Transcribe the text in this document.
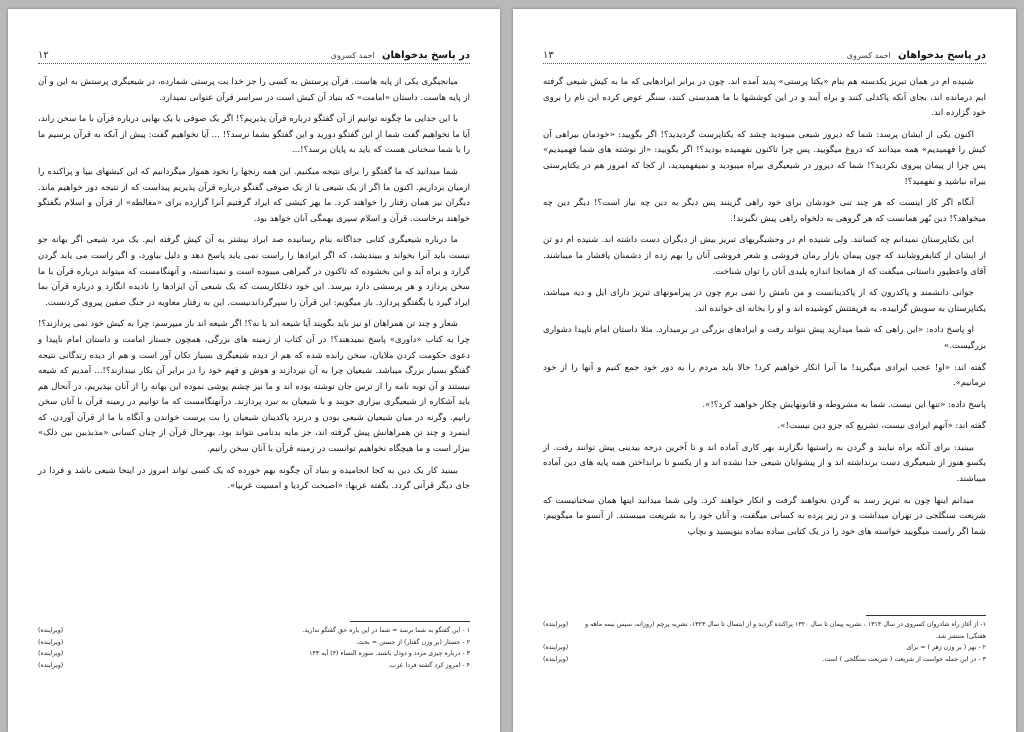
۱۲	در پاسخ بدخواهان احمد کسروی

میانجیگری یکی از پایه هاست. قرآن پرستش به کسی را جز خدا بت پرستی شمارده، در شیعیگری پرستش به این و آن از پایه هاست. داستان «امامت» که بنیاد آن کیش است در سراسر قرآن عنوانی نمیدارد.

با این جدایی ما چگونه توانیم از آن گفتگو درباره قرآن پذیریم؟! اگر یک صوفی با یک بهایی درباره قرآن با ما سخن راند، آیا ما نخواهیم گفت شما از این گفتگو دورید و این گفتگو بشما نرسد؟! ... آیا نخواهیم گفت: پیش از آنکه به قرآن برسیم ما را با شما سخنانی هست که باید به پایان برسد؟!...

شما میدانید که ما گفتگو را برای نتیجه میکنیم. این همه رنجها را بخود هموار میگردانیم که این کیشهای بیپا و پراکنده را ازمیان برداریم. اکنون ما اگر از یک شیعی یا از یک صوفی گفتگو درباره قرآن پذیریم پیداست که از نتیجه دور خواهیم ماند. دیگران نیز همان رفتار را خواهند کرد. ما بهر کیشی که ایراد گرفتیم آنرا گزارده برای «مغالطه» از قرآن و اسلام بگفتگو خواهند برخاست. قرآن و اسلام سپری بهمگی آنان خواهد بود.

ما درباره شیعیگری کتابی جداگانه بنام رسانیده صد ایراد بیشتر به آن کیش گرفته ایم. یک مرد شیعی اگر بهانه جو نیست باید آنرا بخواند و ببیندیشد، که اگر ایرادها را راست نمی یابد پاسخ دهد و دلیل بیاورد، و اگر راست می یابد گردن گزارد و براه آید و این بخشوده که تاکنون در گمراهی میبوده است و نمیدانسته، و آنهنگامست که میتواند درباره قرآن با ما سخن پردازد و هر پرسشی دارد بپرسد. این خود دغلکاریست که یک شیعی آن ایرادها را نادیده انگارد و درباره قرآن بما ایراد گیرد یا بگفتگو پردازد. باز میگویم: این قرآن را سپرگرداندنیست. این به رفتار معاویه در جنگ صفین پیروی کردنست.

شعار و چند تن همراهان او نیز باید بگویند آیا شیعه اند یا نه؟! اگر شیعه اند باز میپرسم: چرا به کیش خود نمی پردازند؟! چرا به کتاب «داوری» پاسخ نمیدهند؟! در آن کتاب از زمینه های بزرگی، همچون جستار امامت و داستان امام ناپیدا و دعوی حکومت کردن ملایان، سخن رانده شده که هم از دیده شیعیگری بسیار تکان آور است و هم از دیده زندگانی نتیجه گفتگو بسیار بزرگ میباشد. شیعیان چرا به آن نپردازند و هوش و فهم خود را در برابر آن بکار نیندازند؟!... آمدیم که شیعه نیستند و آن توبه نامه را از ترس جان نوشته بوده اند و ما نیز چشم پوشی نموده این بهانه را از آنان بپذیریم، در آنحال هم باید آشکاره از شیعیگری بیزاری جویند و با شیعیان به نبرد پردازند. درآنهنگامست که ما توانیم در زمینه قرآن با آنان سخن رانیم. وگرنه در میان شیعیان شیعی بودن و درنزد پاکدینان شیعیان را بت پرست خواندن و آنگاه با ما از قرآن آوردن، که اینمرد و چند تن همراهانش پیش گرفته اند، جز مایه بدنامی نتواند بود. بهرحال قرآن از چنان کسانی «مذبذبین بین ذلک» بیزار است و ما هیچگاه نخواهیم توانست در زمینه قرآن با آنان سخن رانیم.

ببینید کار یک دین به کجا انجامیده و بنیاد آن چگونه بهم خورده که یک کسی تواند امروز در اینجا شیعی باشد و فردا در جای دیگر قرآنی گردد. بگفته عربها: «اصبحت کردیا و امسیت عربیا».

۱ - این گفتگو به شما نرسد = شما در این باره حق گفتگو ندارید.
(ویراینده)
۲ - جستار (بر وزن گفتار) از جستن = بحث.
(ویراینده)
۳ - درباره چیزی مردد و دودل باشند. سوره النساء (۴) آیه ۱۴۳
(ویراینده)
۴ - امروز کرد گشته فردا عرب.
(ویراینده)
۱۳	در پاسخ بدخواهان احمد کسروی

شنیده ام در همان تبریز یکدسته هم بنام «یکتا پرستی» پدید آمده اند. چون در برابر ایرادهایی که ما به کیش شیعی گرفته ایم درمانده اند، بجای آنکه پاکدلی کنند و براه آیند و در این کوششها با ما همدستی کنند، سنگر عوض کرده این نام را بروی خود گزارده اند.

اکنون یکی از ایشان پرسد: شما که دیروز شیعی میبودید چشد که یکتاپرست گردیدید؟! اگر بگویید: «خودمان بیراهی آن کیش را فهمیدیم» همه میدانند که دروغ میگویید. پس چرا تاکنون نفهمیده بودید؟! اگر بگویید: «از نوشته های شما فهمیدیم» پس چرا از پیمان پیروی نکردید؟! شما که دیروز در شیعیگری بیراه میبودید و نمیفهمیدید، از کجا که امروز هم در یکتاپرستی بیراه نباشید و نفهمید؟!

آنگاه اگر کار اینست که هر چند تنی خودشان برای خود راهی گزینند پس دیگر به دین چه نیاز است؟! دیگر دین چه میخواهد؟! دین بُهر همانست که هر گروهی به دلخواه راهی پیش نگیرند!.

این یکتاپرستان نمیدانم چه کسانند. ولی شنیده ام در وحشیگریهای تبریز بیش از دیگران دست داشته اند. شنیده ام دو تن از ایشان از کتابفروشانند که چون پیمان بازار رمان فروشی و شعر فروشی آنان را بهم زده از دشمنان پافشار ما میباشند. آقای واعظپور داستانی میگفت که از همانجا اندازه پلیدی آنان را توان شناخت.

جوانی دانشمند و پاکدرون که از پاکدینانست و من نامش را نمی برم چون در پیرامونهای تبریز دارای ایل و دیه میباشد، یکتاپرستان به سویش گراییده، به فریفتنش کوشیده اند و او را بخانه ای خوانده اند.

او پاسخ داده: «این راهی که شما میدارید پیش نتواند رفت و ایرادهای بزرگی در برمیدارد. مثلا داستان امام ناپیدا دشواری بزرگیست.»

گفته اند: «او! عجب ایرادی میگیرید! ما آنرا انکار خواهیم کرد! حالا باید مردم را به دور خود جمع کنیم و آنها را از خود نرمانیم».

پاسخ داده: «تنها این نیست. شما به مشروطه و قانونهایش چکار خواهید کرد؟!».

گفته اند: «آنهم ایرادی نیست، تشریع که جزو دین نیست!».

ببینید: برای آنکه براه نیایند و گردن به راستیها نگزارند بهر کاری آماده اند و تا آخرین درجه بیدینی پیش توانند رفت. از یکسو هنوز از شیعیگری دست برنداشته اند و از پیشوایان شیعی جدا نشده اند و از یکسو تا برانداختن همه پایه های دین آماده میباشند.

میدانم اینها چون به تبریز رسد به گردن نخواهند گرفت و انکار خواهند کرد. ولی شما میدانید اینها همان سخنانیست که شریعت سنگلجی در تهران میداشت و در زیر پرده به کسانی میگفت، و آنان خود را به شریعت میبستند. از آنسو ما میگوییم: شما اگر راست میگویید خواسته های خود را در یک کتابی ساده بماده بنویسید و بچاپ

۱- از آغاز راه شادروان کسروی در سال ۱۳۱۴ ، نشریه پیمان تا سال ۱۳۲۰ پراکنده گردید و از اینسال تا سال ۱۳۲۳، نشریه پرچم (روزانه، سپس نیمه ماهه و هفتگی) منتشر شد.
(ویراینده)
۲ - بهر ( بر وزن زهر ) = برای
(ویراینده)
۳ - در این جمله خواست از شریعت ( شریعت سنگلجی ) است.
(ویراینده)
